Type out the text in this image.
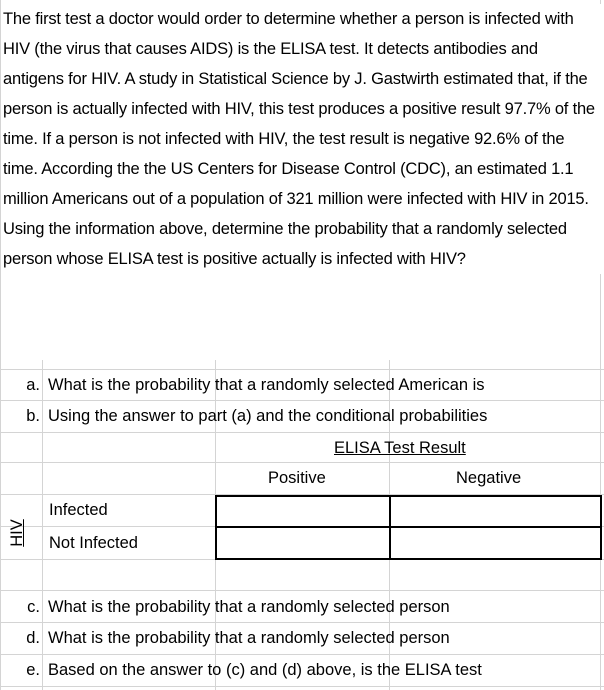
The first test a doctor would order to determine whether a person is infected with HIV (the virus that causes AIDS) is the ELISA test. It detects antibodies and antigens for HIV. A study in Statistical Science by J. Gastwirth estimated that, if the person is actually infected with HIV, this test produces a positive result 97.7% of the time. If a person is not infected with HIV, the test result is negative 92.6% of the time. According the the US Centers for Disease Control (CDC), an estimated 1.1 million Americans out of a population of 321 million were infected with HIV in 2015. Using the information above, determine the probability that a randomly selected person whose ELISA test is positive actually is infected with HIV?

a. What is the probability that a randomly selected American is
b. Using the answer to part (a) and the conditional probabilities
ELISA Test Result
Positive	Negative
HIV
Infected
Not Infected
c. What is the probability that a randomly selected person
d. What is the probability that a randomly selected person
e. Based on the answer to (c) and (d) above, is the ELISA test
